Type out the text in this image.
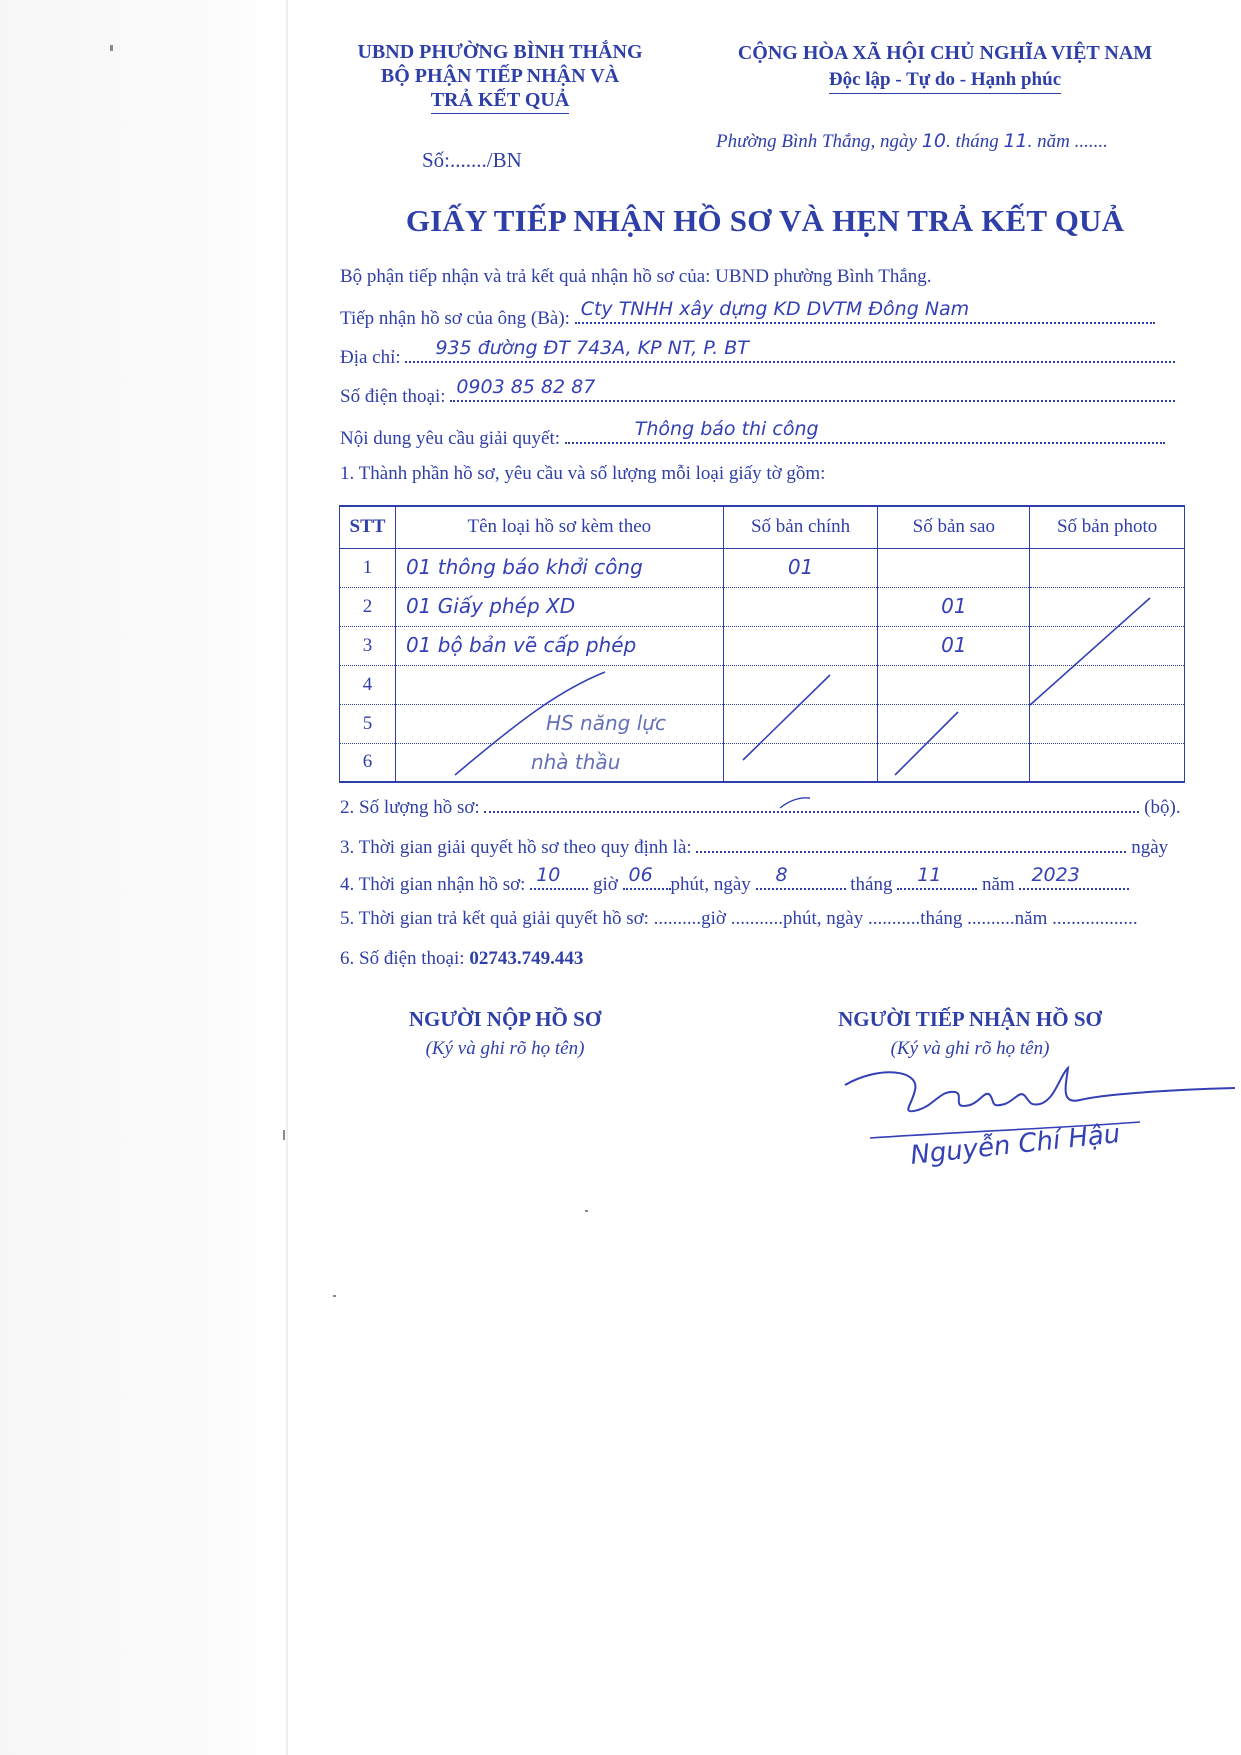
UBND PHƯỜNG BÌNH THẮNG
BỘ PHẬN TIẾP NHẬN VÀ
TRẢ KẾT QUẢ
CỘNG HÒA XÃ HỘI CHỦ NGHĨA VIỆT NAM
Độc lập - Tự do - Hạnh phúc
Số:......./BN
Phường Bình Thắng, ngày 10. tháng 11. năm .......
GIẤY TIẾP NHẬN HỒ SƠ VÀ HẸN TRẢ KẾT QUẢ
Bộ phận tiếp nhận và trả kết quả nhận hồ sơ của: UBND phường Bình Thắng.
Tiếp nhận hồ sơ của ông (Bà): Cty TNHH xây dựng KD DVTM Đông Nam
Địa chỉ: 935 đường ĐT 743A, KP NT, P. BT
Số điện thoại: 0903 85 82 87
Nội dung yêu cầu giải quyết:	Thông báo thi công
1. Thành phần hồ sơ, yêu cầu và số lượng mỗi loại giấy tờ gồm:
STT	Tên loại hồ sơ kèm theo	Số bản chính	Số bản sao	Số bản photo
1	01 thông báo khởi công	01		
2	01 Giấy phép XD		01	
3	01 bộ bản vẽ cấp phép		01	
4				
5	HS năng lực			
6	nhà thầu			
2. Số lượng hồ sơ:	(bộ).
3. Thời gian giải quyết hồ sơ theo quy định là:	ngày
4. Thời gian nhận hồ sơ: 10 giờ 06 phút, ngày 8	tháng 11 năm 2023
5. Thời gian trả kết quả giải quyết hồ sơ: ..........giờ ...........phút, ngày ...........tháng ..........năm ..................
6. Số điện thoại: 02743.749.443
NGƯỜI NỘP HỒ SƠ
(Ký và ghi rõ họ tên)
NGƯỜI TIẾP NHẬN HỒ SƠ
(Ký và ghi rõ họ tên)
Nguyễn Chí Hậu
